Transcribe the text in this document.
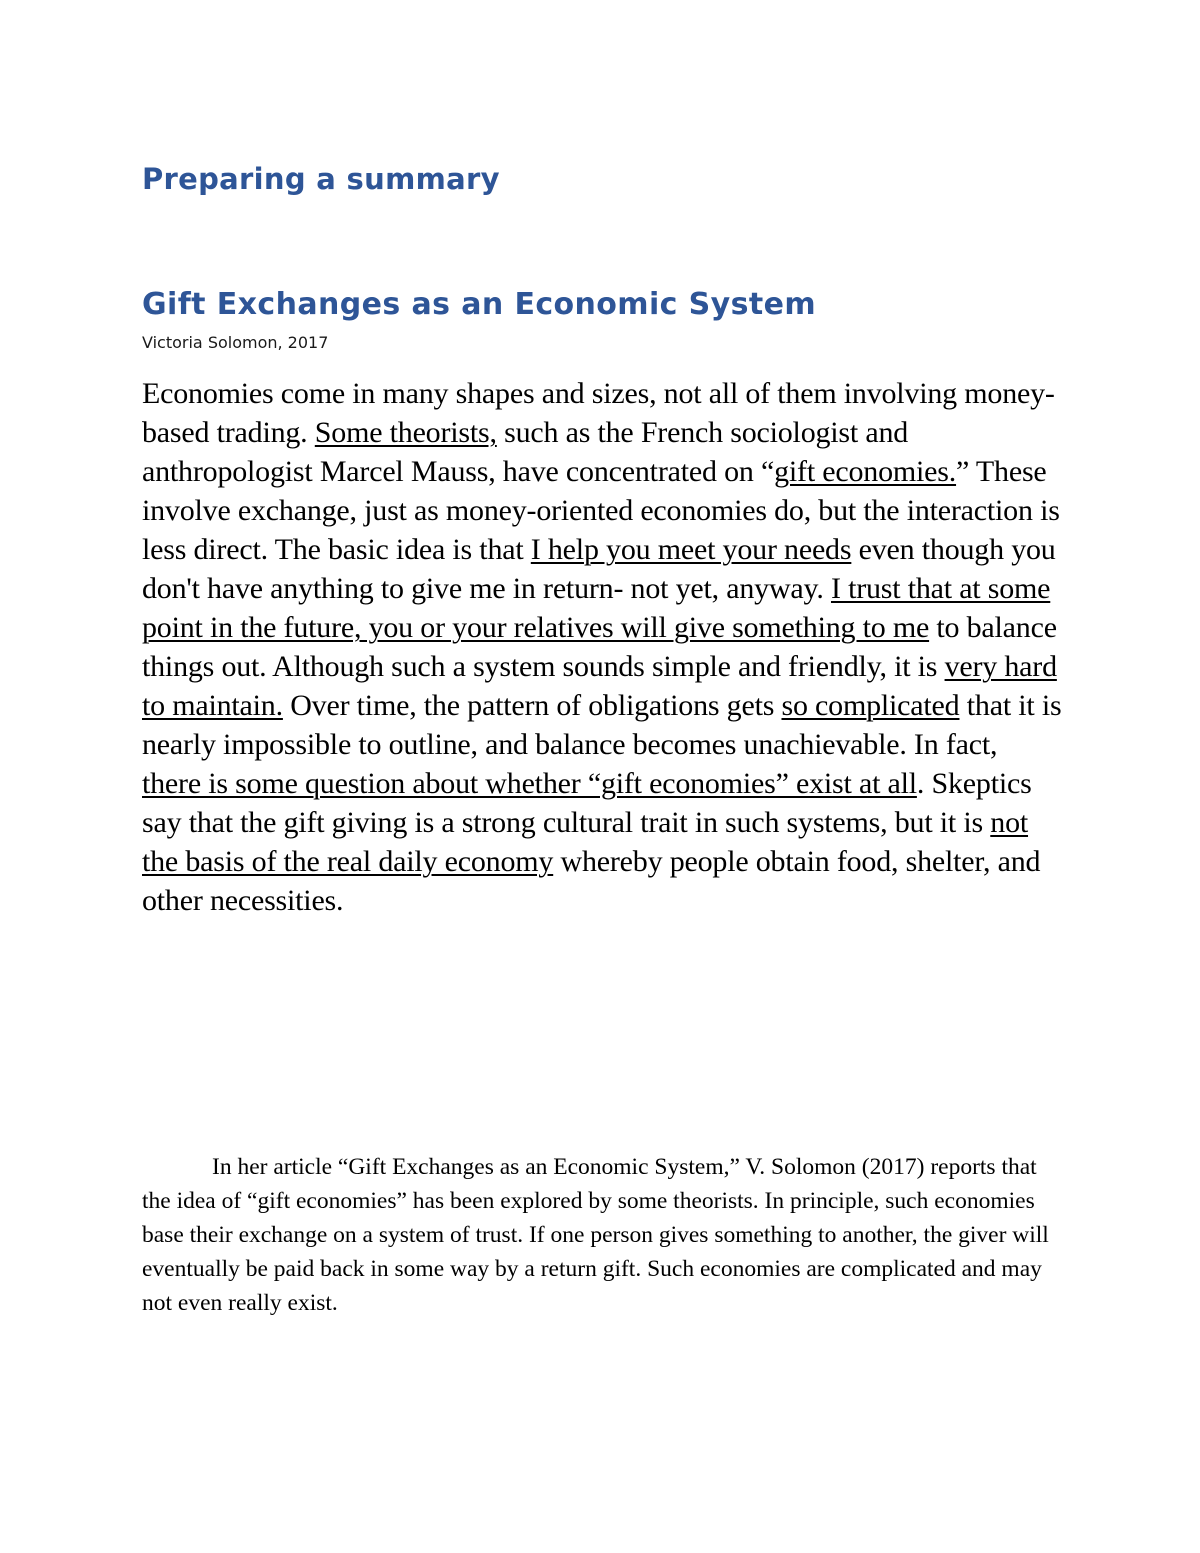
Preparing a summary
Gift Exchanges as an Economic System

Victoria Solomon, 2017

Economies come in many shapes and sizes, not all of them involving money- based trading. Some theorists, such as the French sociologist and anthropologist Marcel Mauss, have concentrated on “gift economies.” These involve exchange, just as money-oriented economies do, but the interaction is less direct. The basic idea is that I help you meet your needs even though you don't have anything to give me in return- not yet, anyway. I trust that at some point in the future, you or your relatives will give something to me to balance things out. Although such a system sounds simple and friendly, it is very hard to maintain. Over time, the pattern of obligations gets so complicated that it is nearly impossible to outline, and balance becomes unachievable. In fact, there is some question about whether “gift economies” exist at all. Skeptics say that the gift giving is a strong cultural trait in such systems, but it is not the basis of the real daily economy whereby people obtain food, shelter, and other necessities.

In her article “Gift Exchanges as an Economic System,” V. Solomon (2017) reports that the idea of “gift economies” has been explored by some theorists. In principle, such economies base their exchange on a system of trust. If one person gives something to another, the giver will eventually be paid back in some way by a return gift. Such economies are complicated and may not even really exist.
